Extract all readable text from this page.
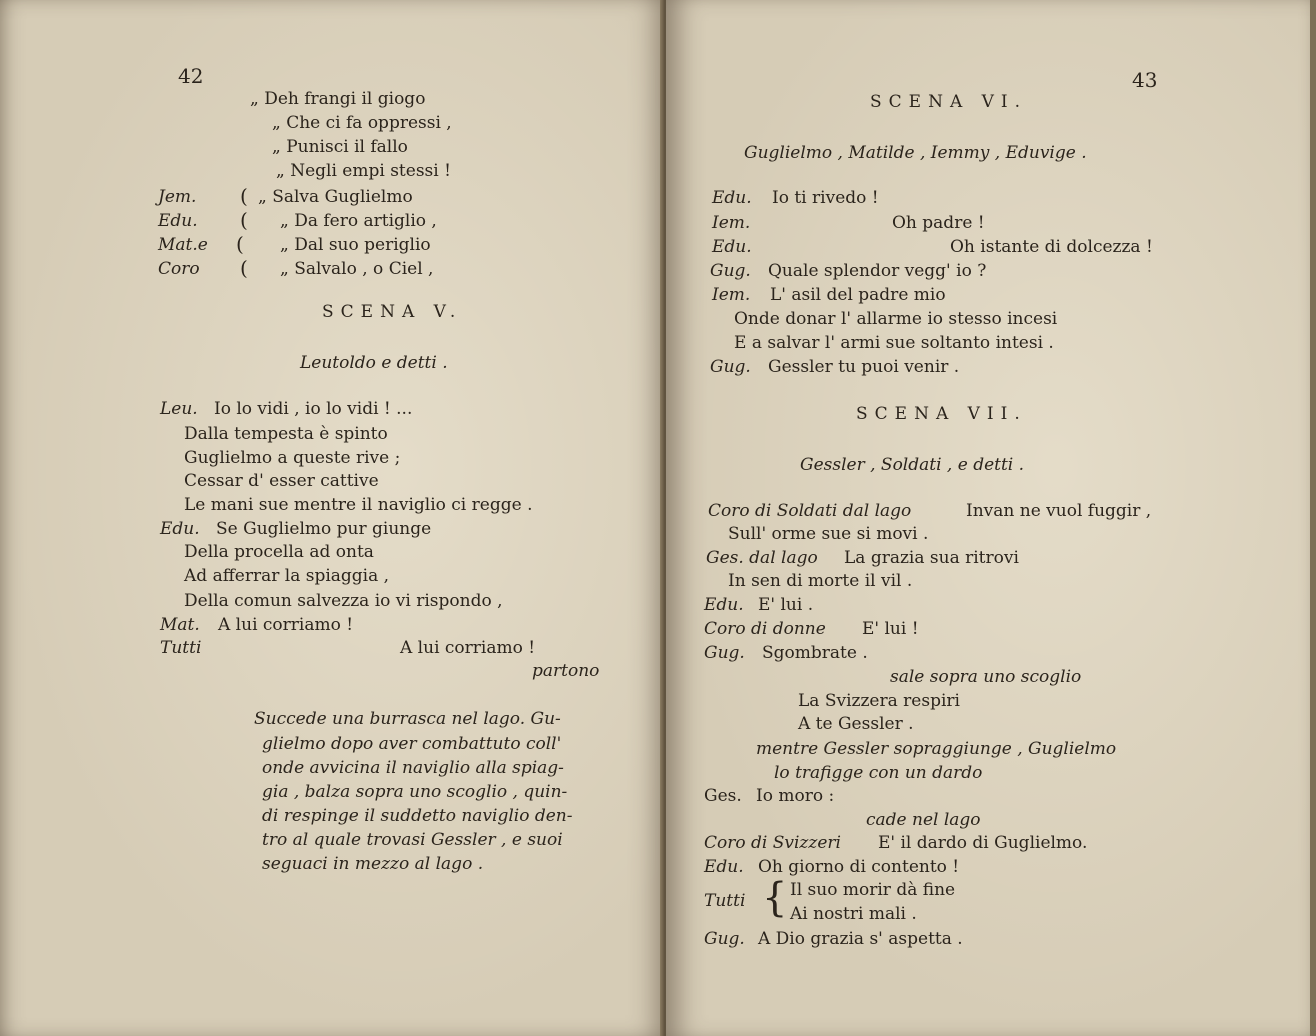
42
„ Deh frangi il giogo
„ Che ci fa oppressi ,
„ Punisci il fallo
„ Negli empi stessi !
Jem. ( „ Salva Guglielmo
Edu. ( „ Da fero artiglio ,
Mat.e ( „ Dal suo periglio
Coro ( „ Salvalo , o Ciel ,
SCENA V.
Leutoldo e detti .
Leu. Io lo vidi , io lo vidi ! ...
Dalla tempesta è spinto
Guglielmo a queste rive ;
Cessar d' esser cattive
Le mani sue mentre il naviglio ci regge .
Edu. Se Guglielmo pur giunge
Della procella ad onta
Ad afferrar la spiaggia ,
Della comun salvezza io vi rispondo ,
Mat. A lui corriamo !
Tutti	A lui corriamo !
partono
Succede una burrasca nel lago. Gu-
glielmo dopo aver combattuto coll'
onde avvicina il naviglio alla spiag-
gia , balza sopra uno scoglio , quin-
di respinge il suddetto naviglio den-
tro al quale trovasi Gessler , e suoi
seguaci in mezzo al lago .
43
SCENA VI.
Guglielmo , Matilde , Iemmy , Eduvige .
Edu. Io ti rivedo !
Iem.	Oh padre !
Edu.	Oh istante di dolcezza !
Gug. Quale splendor vegg' io ?
Iem. L' asil del padre mio
Onde donar l' allarme io stesso incesi
E a salvar l' armi sue soltanto intesi .
Gug. Gessler tu puoi venir .
SCENA VII.
Gessler , Soldati , e detti .
Coro di Soldati dal lago	Invan ne vuol fuggir ,
Sull' orme sue si movi .
Ges. dal lago La grazia sua ritrovi
In sen di morte il vil .
Edu. E' lui .
Coro di donne E' lui !
Gug. Sgombrate .
sale sopra uno scoglio
La Svizzera respiri
A te Gessler .
mentre Gessler sopraggiunge , Guglielmo
lo trafigge con un dardo
Ges. Io moro :
cade nel lago
Coro di Svizzeri E' il dardo di Guglielmo.
Edu. Oh giorno di contento !
Tutti { Il suo morir dà fine
Ai nostri mali .
Gug. A Dio grazia s' aspetta .
